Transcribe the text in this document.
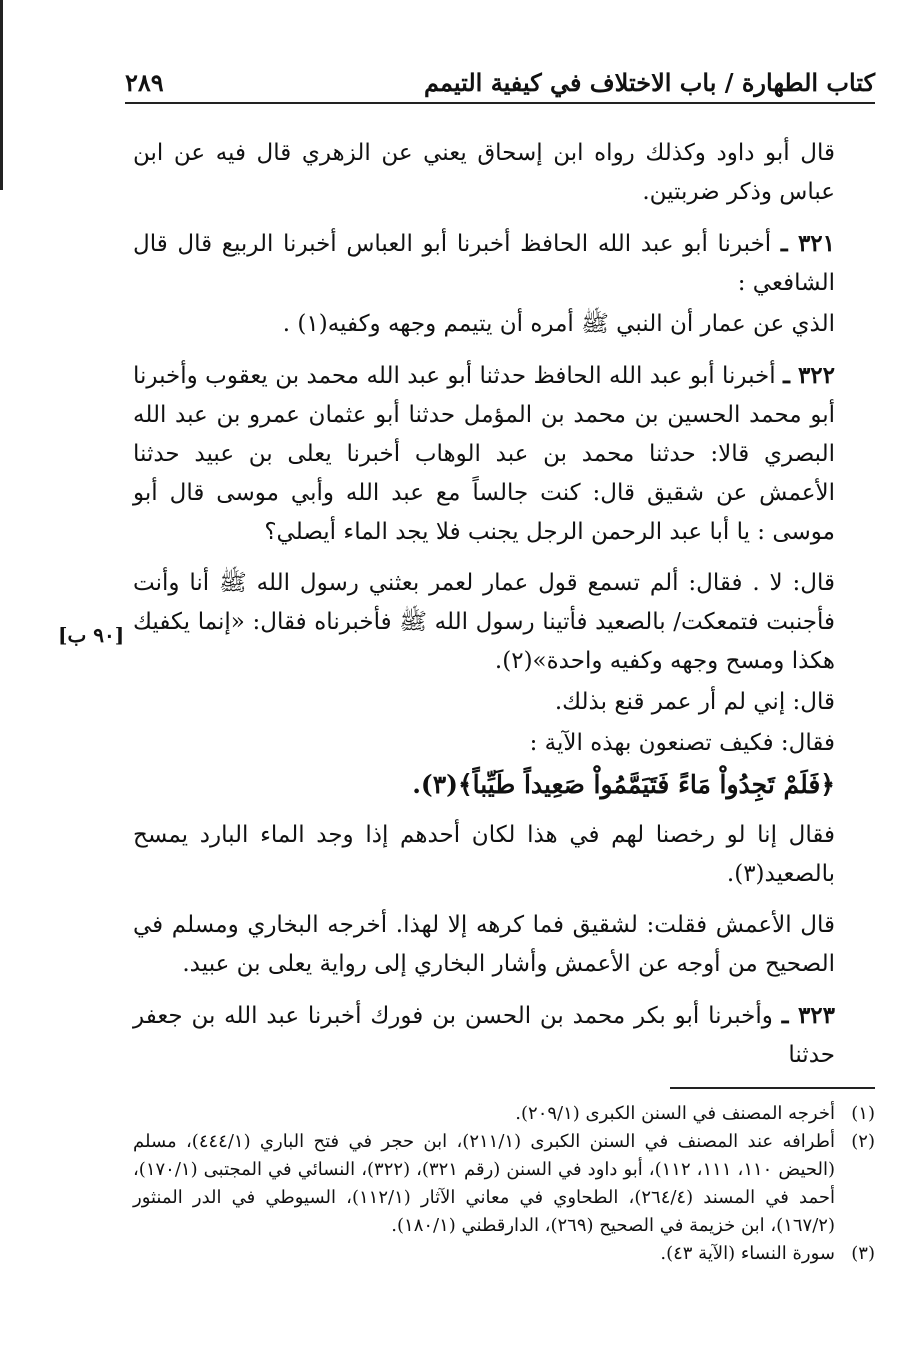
كتاب الطهارة / باب الاختلاف في كيفية التيمم
٢٨٩

قال أبو داود وكذلك رواه ابن إسحاق يعني عن الزهري قال فيه عن ابن عباس وذكر ضربتين.

٣٢١ ـ أخبرنا أبو عبد الله الحافظ أخبرنا أبو العباس أخبرنا الربيع قال قال الشافعي :

الذي عن عمار أن النبي ﷺ أمره أن يتيمم وجهه وكفيه(١) .

٣٢٢ ـ أخبرنا أبو عبد الله الحافظ حدثنا أبو عبد الله محمد بن يعقوب وأخبرنا أبو محمد الحسين بن محمد بن المؤمل حدثنا أبو عثمان عمرو بن عبد الله البصري قالا: حدثنا محمد بن عبد الوهاب أخبرنا يعلى بن عبيد حدثنا الأعمش عن شقيق قال: كنت جالساً مع عبد الله وأبي موسى قال أبو موسى : يا أبا عبد الرحمن الرجل يجنب فلا يجد الماء أيصلي؟

قال: لا . فقال: ألم تسمع قول عمار لعمر بعثني رسول الله ﷺ أنا وأنت فأجنبت فتمعكت/ بالصعيد فأتينا رسول الله ﷺ فأخبرناه فقال: «إنما يكفيك هكذا ومسح وجهه وكفيه واحدة»(٢).

قال: إني لم أر عمر قنع بذلك.

فقال: فكيف تصنعون بهذه الآية :

﴿فَلَمْ تَجِدُواْ مَاءً فَتَيَمَّمُواْ صَعِيداً طَيِّباً﴾(٣).

فقال إنا لو رخصنا لهم في هذا لكان أحدهم إذا وجد الماء البارد يمسح بالصعيد(٣).

قال الأعمش فقلت: لشقيق فما كرهه إلا لهذا. أخرجه البخاري ومسلم في الصحيح من أوجه عن الأعمش وأشار البخاري إلى رواية يعلى بن عبيد.

٣٢٣ ـ وأخبرنا أبو بكر محمد بن الحسن بن فورك أخبرنا عبد الله بن جعفر حدثنا

[٩٠ ب]
(١)
أخرجه المصنف في السنن الكبرى (٢٠٩/١).
(٢)
أطرافه عند المصنف في السنن الكبرى (٢١١/١)، ابن حجر في فتح الباري (٤٤٤/١)، مسلم (الحيض ١١٠، ١١١، ١١٢)، أبو داود في السنن (رقم ٣٢١)، (٣٢٢)، النسائي في المجتبى (١٧٠/١)، أحمد في المسند (٢٦٤/٤)، الطحاوي في معاني الآثار (١١٢/١)، السيوطي في الدر المنثور (١٦٧/٢)، ابن خزيمة في الصحيح (٢٦٩)، الدارقطني (١٨٠/١).
(٣)
سورة النساء (الآية ٤٣).
